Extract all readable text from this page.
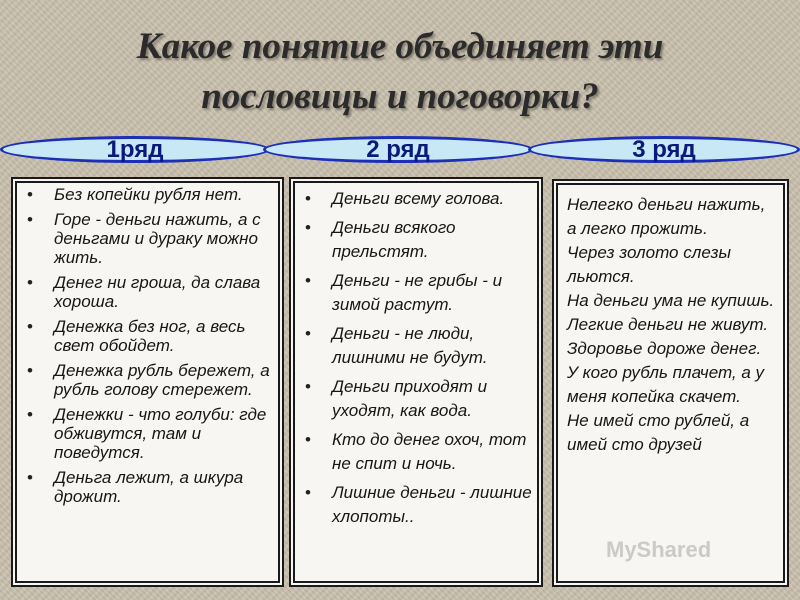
Какое понятие объединяет эти
пословицы и поговорки?
1ряд	2 ряд	3 ряд
• Без копейки рубля нет.
• Горе - деньги нажить, а с деньгами и дураку можно жить.
• Денег ни гроша, да слава хороша.
• Денежка без ног, а весь свет обойдет.
• Денежка рубль бережет, а рубль голову стережет.
• Денежки - что голуби: где обживутся, там и поведутся.
• Деньга лежит, а шкура дрожит.
• Деньги всему голова.
• Деньги всякого прельстят.
• Деньги - не грибы - и зимой растут.
• Деньги - не люди, лишними не будут.
• Деньги приходят и уходят, как вода.
• Кто до денег охоч, тот не спит и ночь.
• Лишние деньги - лишние хлопоты..
Нелегко деньги нажить, а легко прожить.
Через золото слезы льются.
На деньги ума не купишь.
Легкие деньги не живут.
Здоровье дороже денег.
У кого рубль плачет, а у меня копейка скачет.
Не имей сто рублей, а имей сто друзей
MyShared
